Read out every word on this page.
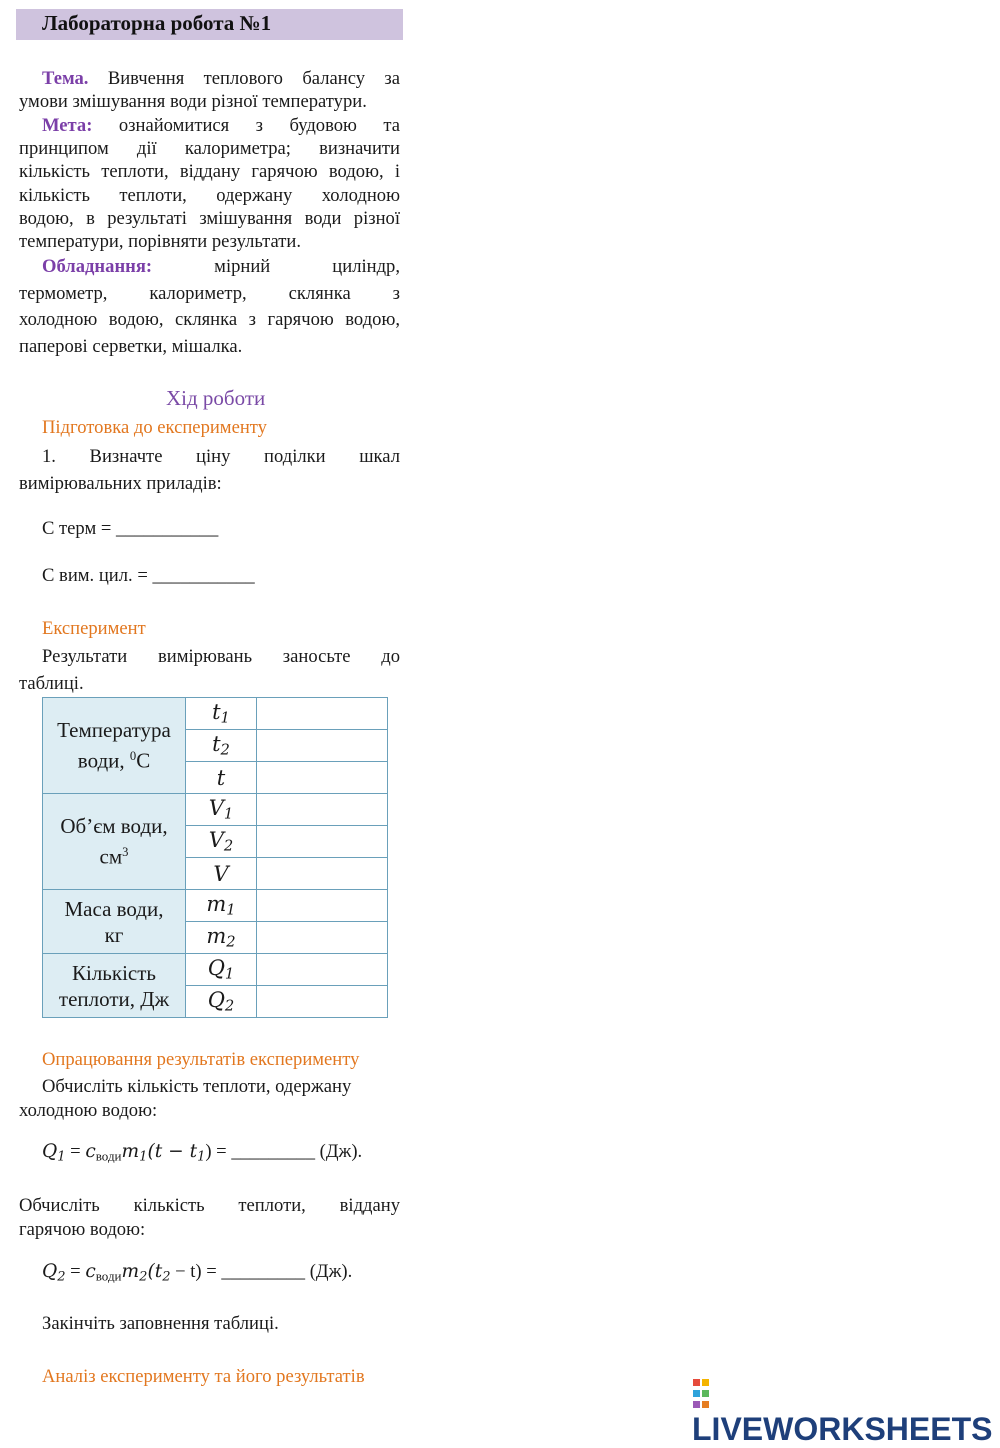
Лабораторна робота №1
Тема. Вивчення теплового балансу за
умови змішування води різної температури.
Мета: ознайомитися з будовою та
принципом дії калориметра; визначити
кількість теплоти, віддану гарячою водою, і
кількість теплоти, одержану холодною
водою, в результаті змішування води різної
температури, порівняти результати.
Обладнання:	мірний циліндр,
термометр, калориметр, склянка з
холодною водою, склянка з гарячою водою,
паперові серветки, мішалка.
Хід роботи
Підготовка до експерименту
1. Визначте ціну поділки шкал
вимірювальних приладів:
С терм = ___________
С вим. цил. = ___________
Експеримент
Результати вимірювань заносьте до
таблиці.
Температура
води, $^0$С	$t_1$	
	$t_2$	
	t	
Об’єм води,
$см^3$	$V_1$	
	$V_2$	
	V	
Маса води,
кг	$m_1$	
	$m_2$	
Кількість
теплоти, Дж	$Q_1$	
	$Q_2$	
Опрацювання результатів експерименту
Обчисліть кількість теплоти, одержану
холодною водою:
$Q_1 = c_{води}m_1(t - t_1)$ = _________ (Дж).
Обчисліть кількість теплоти, віддану
гарячою водою:
$Q_2 = c_{води}m_2(t_2 - t)$ = _________ (Дж).
Закінчіть заповнення таблиці.
Аналіз експерименту та його результатів

LIVEWORKSHEETS
